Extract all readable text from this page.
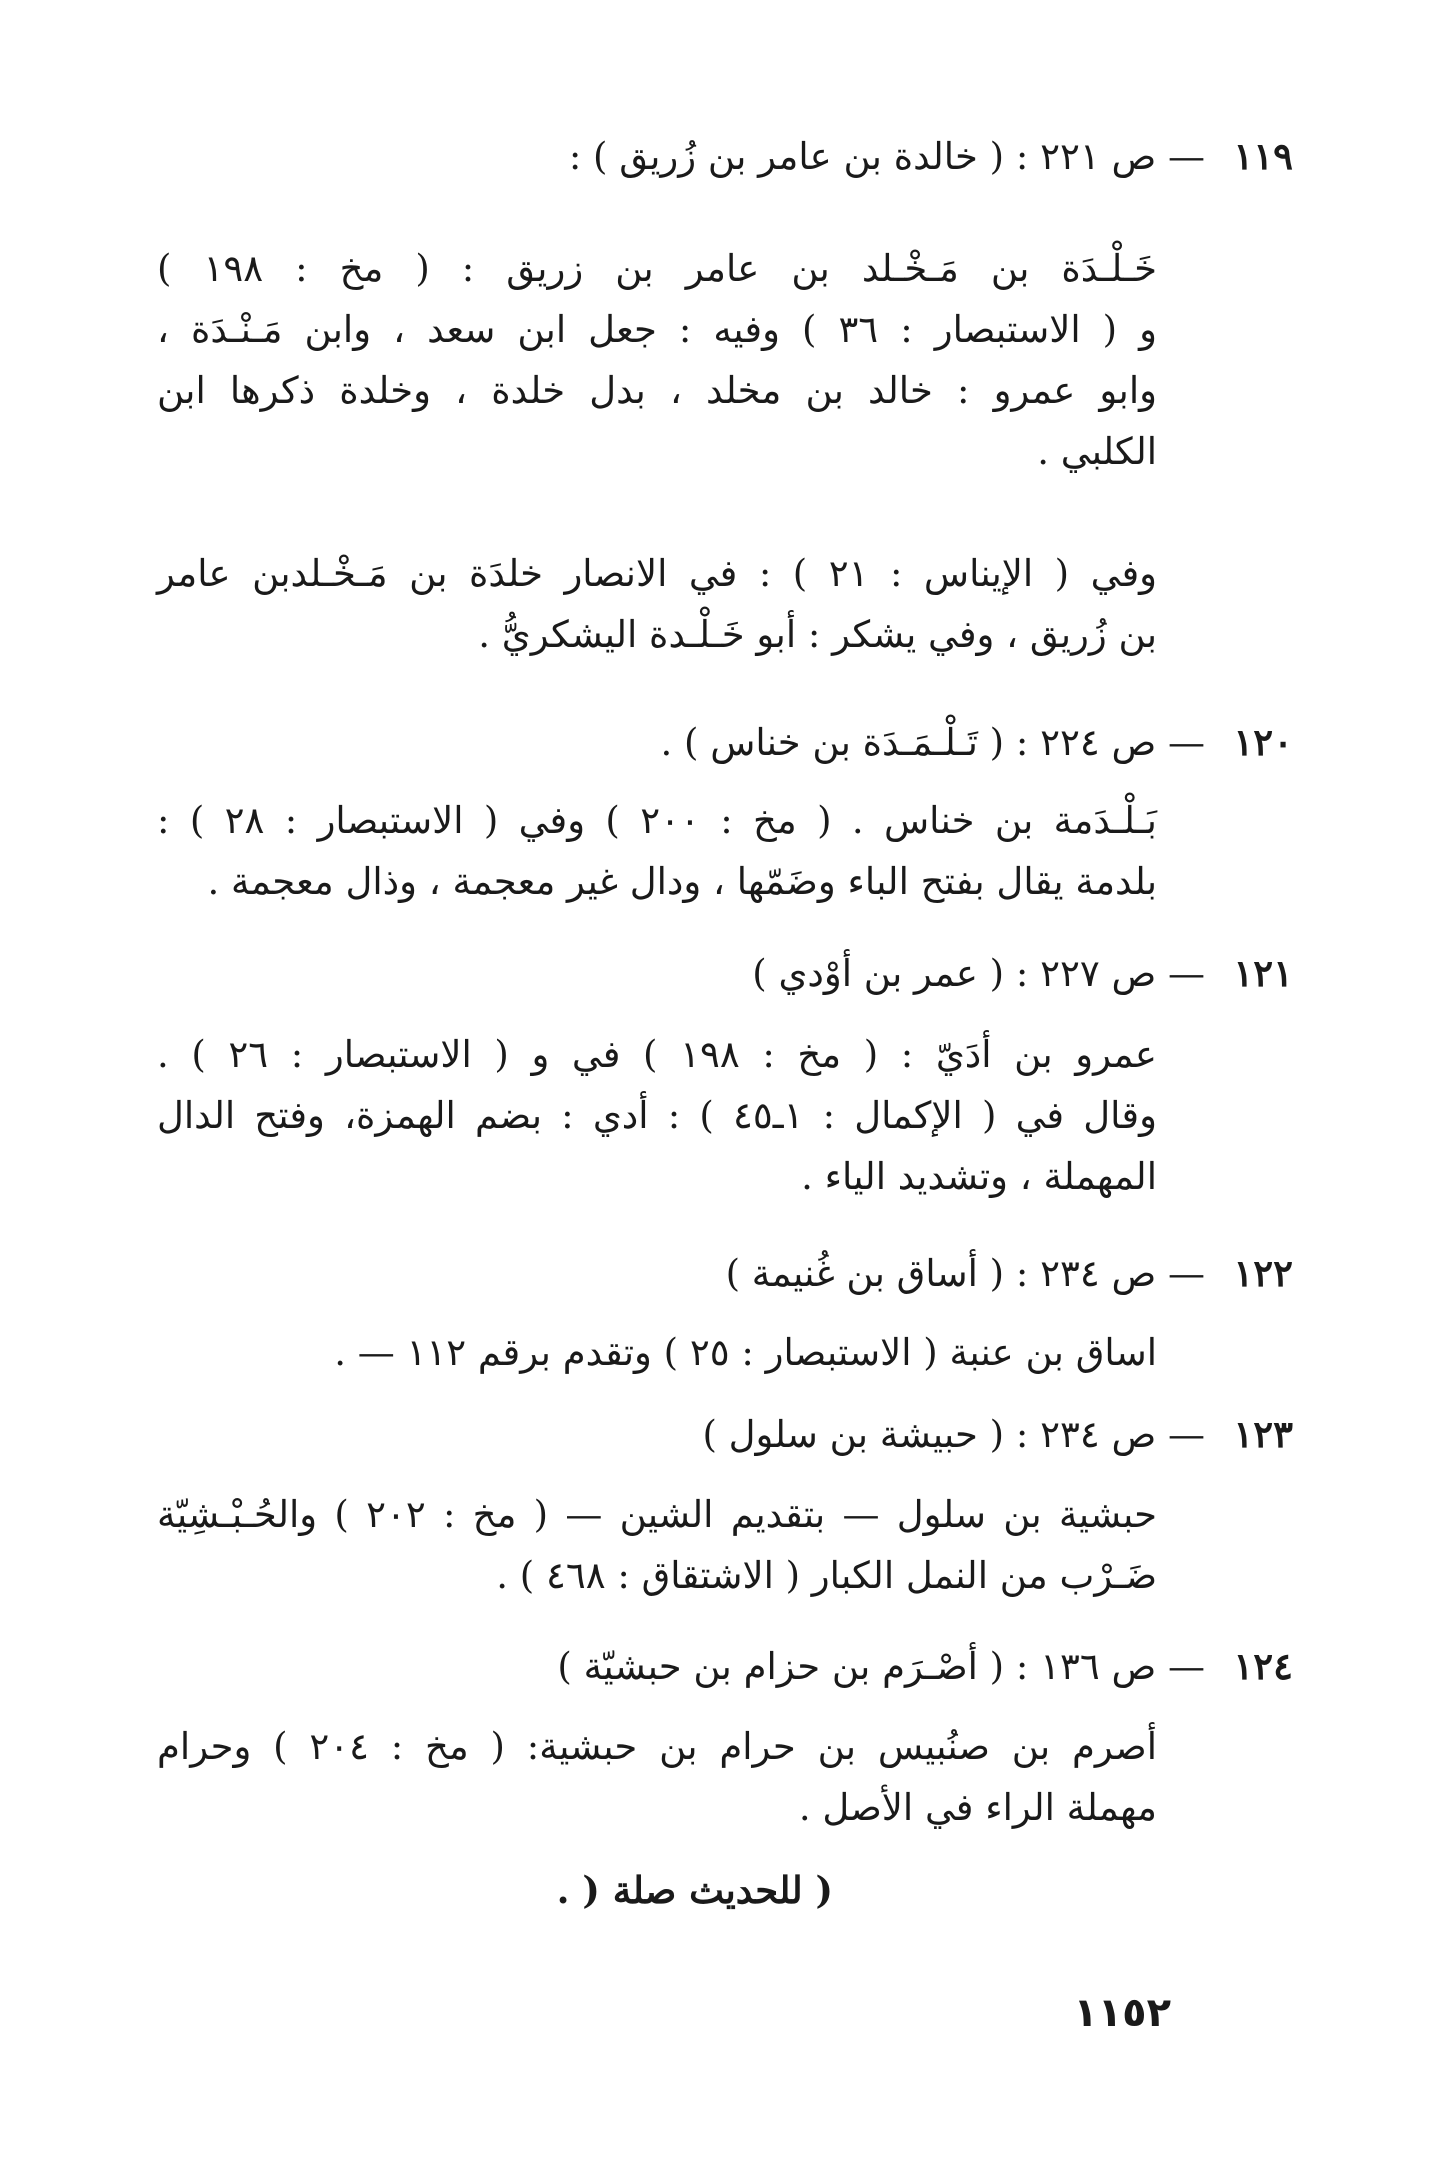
١١٩— ص ٢٢١ : ( خالدة بن عامر بن زُريق ) :

خَـلْـدَة بن مَـخْـلد بن عامر بن زريق : ( مخ : ١٩٨ )

و ( الاستبصار : ٣٦ ) وفيه : جعل ابن سعد ، وابن مَـنْـدَة ،

وابو عمرو : خالد بن مخلد ، بدل خلدة ، وخلدة ذكرها ابن

الكلبي .

وفي ( الإيناس : ٢١ ) : في الانصار خلدَة بن مَـخْـلدبن عامر

بن زُريق ، وفي يشكر : أبو خَـلْـدة اليشكريُّ .

١٢٠— ص ٢٢٤ : ( تَـلْـمَـدَة بن خناس ) .

بَـلْـدَمة بن خناس . ( مخ : ٢٠٠ ) وفي ( الاستبصار : ٢٨ ) :

بلدمة يقال بفتح الباء وضَمّها ، ودال غير معجمة ، وذال معجمة .

١٢١— ص ٢٢٧ : ( عمر بن أوْدي )

عمرو بن أدَيّ : ( مخ : ١٩٨ ) في و ( الاستبصار : ٢٦ ) .

وقال في ( الإكمال : ١ـ٤٥ ) : أدي : بضم الهمزة، وفتح الدال

المهملة ، وتشديد الياء .

١٢٢— ص ٢٣٤ : ( أساق بن غُنيمة )

اساق بن عنبة ( الاستبصار : ٢٥ ) وتقدم برقم ١١٢ — .

١٢٣— ص ٢٣٤ : ( حبيشة بن سلول )

حبشية بن سلول — بتقديم الشين — ( مخ : ٢٠٢ ) والحُـبْـشِيّة

ضَـرْب من النمل الكبار ( الاشتقاق : ٤٦٨ ) .

١٢٤— ص ١٣٦ : ( أصْـرَم بن حزام بن حبشيّة )

أصرم بن صنُبيس بن حرام بن حبشية: ( مخ : ٢٠٤ ) وحرام

مهملة الراء في الأصل .

( للحديث صلة ( .
١١٥٢
